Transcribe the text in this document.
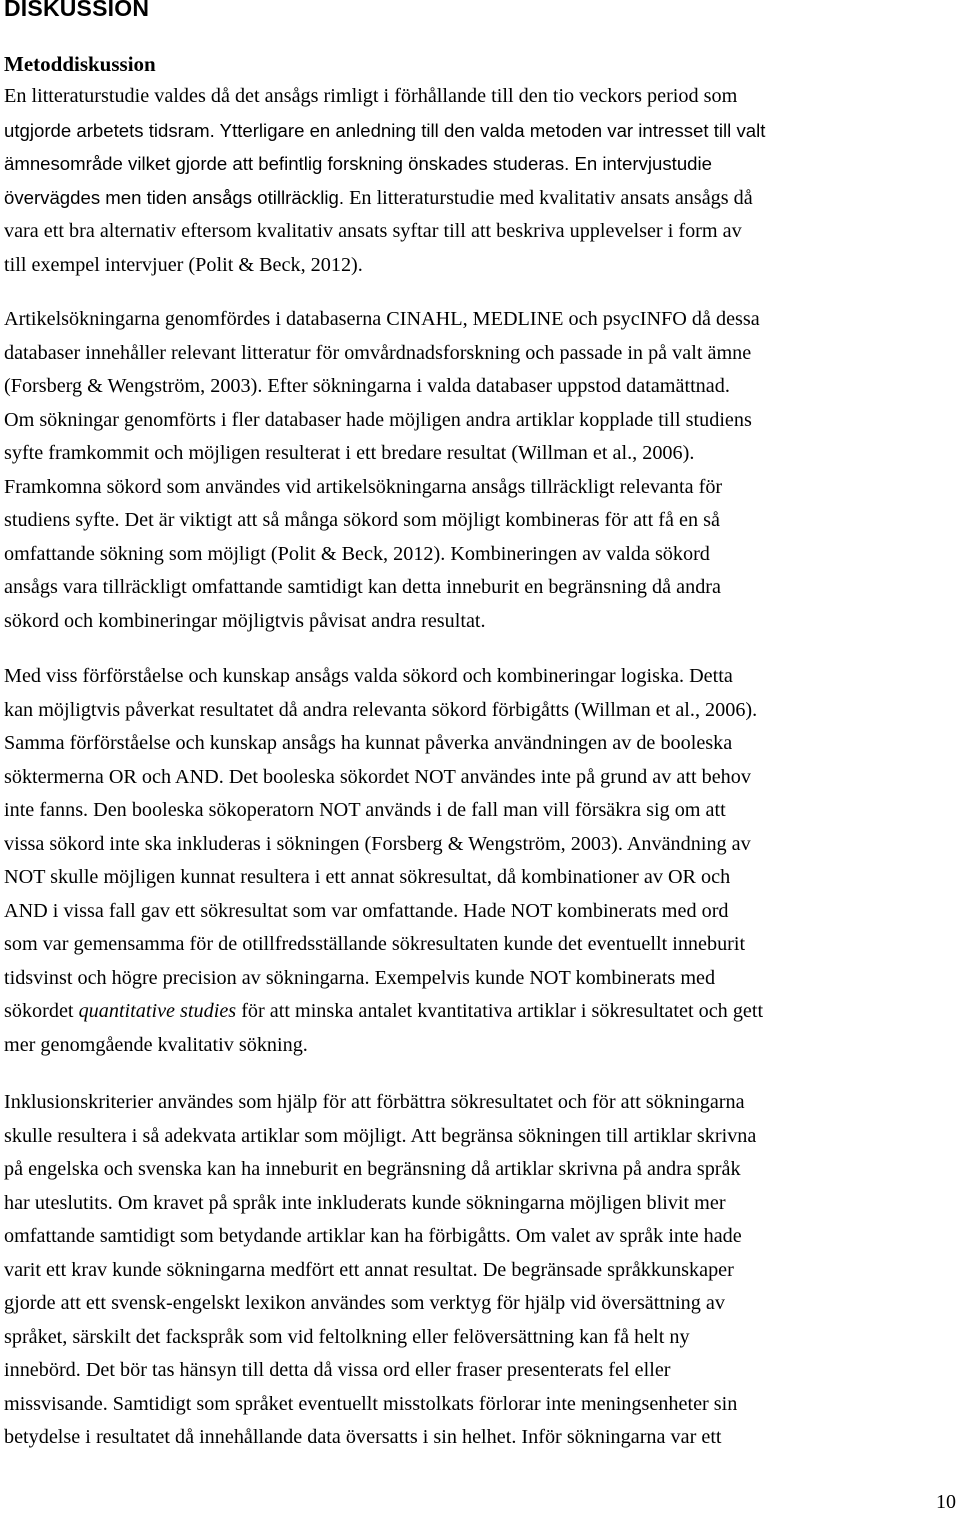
DISKUSSION
Metoddiskussion
En litteraturstudie valdes då det ansågs rimligt i förhållande till den tio veckors period som
utgjorde arbetets tidsram. Ytterligare en anledning till den valda metoden var intresset till valt
ämnesområde vilket gjorde att befintlig forskning önskades studeras. En intervjustudie
övervägdes men tiden ansågs otillräcklig. En litteraturstudie med kvalitativ ansats ansågs då
vara ett bra alternativ eftersom kvalitativ ansats syftar till att beskriva upplevelser i form av
till exempel intervjuer (Polit & Beck, 2012).
Artikelsökningarna genomfördes i databaserna CINAHL, MEDLINE och psycINFO då dessa
databaser innehåller relevant litteratur för omvårdnadsforskning och passade in på valt ämne
(Forsberg & Wengström, 2003). Efter sökningarna i valda databaser uppstod datamättnad.
Om sökningar genomförts i fler databaser hade möjligen andra artiklar kopplade till studiens
syfte framkommit och möjligen resulterat i ett bredare resultat (Willman et al., 2006).
Framkomna sökord som användes vid artikelsökningarna ansågs tillräckligt relevanta för
studiens syfte. Det är viktigt att så många sökord som möjligt kombineras för att få en så
omfattande sökning som möjligt (Polit & Beck, 2012). Kombineringen av valda sökord
ansågs vara tillräckligt omfattande samtidigt kan detta inneburit en begränsning då andra
sökord och kombineringar möjligtvis påvisat andra resultat.
Med viss förförståelse och kunskap ansågs valda sökord och kombineringar logiska. Detta
kan möjligtvis påverkat resultatet då andra relevanta sökord förbigåtts (Willman et al., 2006).
Samma förförståelse och kunskap ansågs ha kunnat påverka användningen av de booleska
söktermerna OR och AND. Det booleska sökordet NOT användes inte på grund av att behov
inte fanns. Den booleska sökoperatorn NOT används i de fall man vill försäkra sig om att
vissa sökord inte ska inkluderas i sökningen (Forsberg & Wengström, 2003). Användning av
NOT skulle möjligen kunnat resultera i ett annat sökresultat, då kombinationer av OR och
AND i vissa fall gav ett sökresultat som var omfattande. Hade NOT kombinerats med ord
som var gemensamma för de otillfredsställande sökresultaten kunde det eventuellt inneburit
tidsvinst och högre precision av sökningarna. Exempelvis kunde NOT kombinerats med
sökordet quantitative studies för att minska antalet kvantitativa artiklar i sökresultatet och gett
mer genomgående kvalitativ sökning.
Inklusionskriterier användes som hjälp för att förbättra sökresultatet och för att sökningarna
skulle resultera i så adekvata artiklar som möjligt. Att begränsa sökningen till artiklar skrivna
på engelska och svenska kan ha inneburit en begränsning då artiklar skrivna på andra språk
har uteslutits. Om kravet på språk inte inkluderats kunde sökningarna möjligen blivit mer
omfattande samtidigt som betydande artiklar kan ha förbigåtts. Om valet av språk inte hade
varit ett krav kunde sökningarna medfört ett annat resultat. De begränsade språkkunskaper
gjorde att ett svensk-engelskt lexikon användes som verktyg för hjälp vid översättning av
språket, särskilt det fackspråk som vid feltolkning eller felöversättning kan få helt ny
innebörd. Det bör tas hänsyn till detta då vissa ord eller fraser presenterats fel eller
missvisande. Samtidigt som språket eventuellt misstolkats förlorar inte meningsenheter sin
betydelse i resultatet då innehållande data översatts i sin helhet. Inför sökningarna var ett
10
